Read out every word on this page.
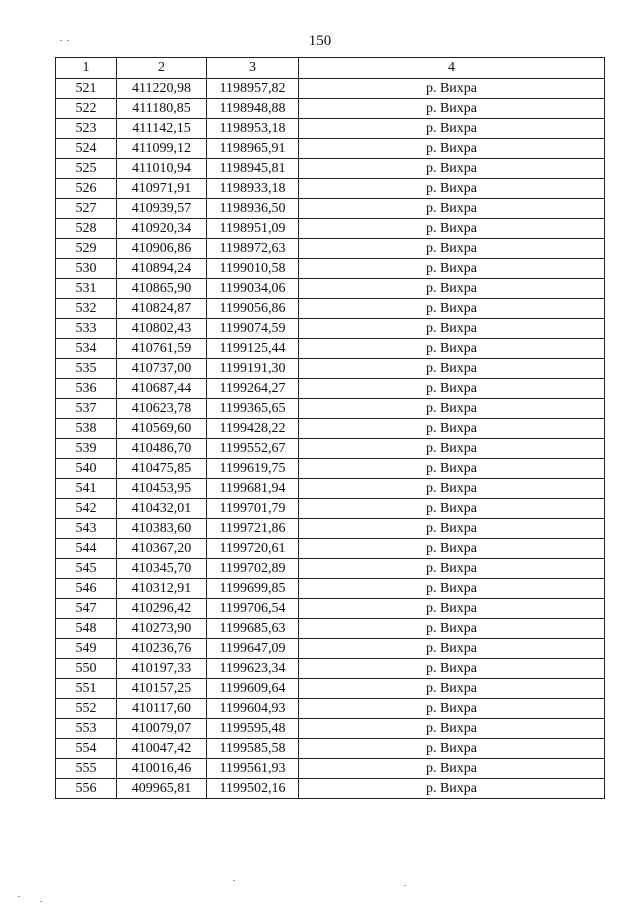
150
1	2	3	4
521	411220,98	1198957,82	р. Вихра
522	411180,85	1198948,88	р. Вихра
523	411142,15	1198953,18	р. Вихра
524	411099,12	1198965,91	р. Вихра
525	411010,94	1198945,81	р. Вихра
526	410971,91	1198933,18	р. Вихра
527	410939,57	1198936,50	р. Вихра
528	410920,34	1198951,09	р. Вихра
529	410906,86	1198972,63	р. Вихра
530	410894,24	1199010,58	р. Вихра
531	410865,90	1199034,06	р. Вихра
532	410824,87	1199056,86	р. Вихра
533	410802,43	1199074,59	р. Вихра
534	410761,59	1199125,44	р. Вихра
535	410737,00	1199191,30	р. Вихра
536	410687,44	1199264,27	р. Вихра
537	410623,78	1199365,65	р. Вихра
538	410569,60	1199428,22	р. Вихра
539	410486,70	1199552,67	р. Вихра
540	410475,85	1199619,75	р. Вихра
541	410453,95	1199681,94	р. Вихра
542	410432,01	1199701,79	р. Вихра
543	410383,60	1199721,86	р. Вихра
544	410367,20	1199720,61	р. Вихра
545	410345,70	1199702,89	р. Вихра
546	410312,91	1199699,85	р. Вихра
547	410296,42	1199706,54	р. Вихра
548	410273,90	1199685,63	р. Вихра
549	410236,76	1199647,09	р. Вихра
550	410197,33	1199623,34	р. Вихра
551	410157,25	1199609,64	р. Вихра
552	410117,60	1199604,93	р. Вихра
553	410079,07	1199595,48	р. Вихра
554	410047,42	1199585,58	р. Вихра
555	410016,46	1199561,93	р. Вихра
556	409965,81	1199502,16	р. Вихра
